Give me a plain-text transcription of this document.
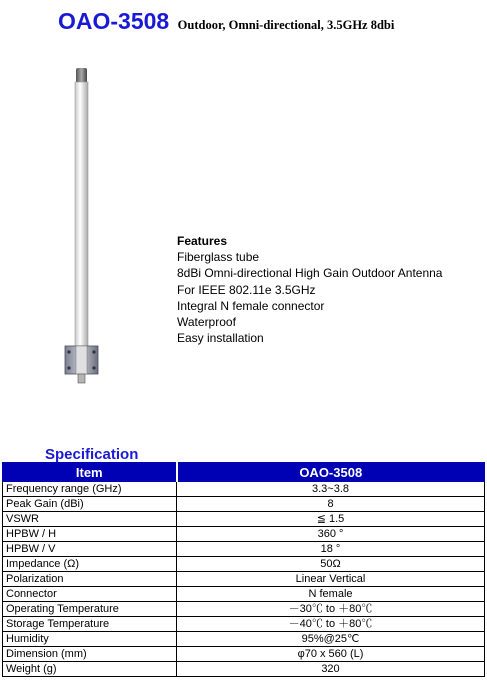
OAO-3508 Outdoor, Omni-directional, 3.5GHz 8dbi
Features
Fiberglass tube
8dBi Omni-directional High Gain Outdoor Antenna
For IEEE 802.11e 3.5GHz
Integral N female connector
Waterproof
Easy installation
Specification
Item	OAO-3508
Frequency range (GHz)	3.3~3.8
Peak Gain (dBi)	8
VSWR	≦ 1.5
HPBW / H	360 °
HPBW / V	18 °
Impedance (Ω)	50Ω
Polarization	Linear Vertical
Connector	N female
Operating Temperature	－30℃ to ＋80℃
Storage Temperature	－40℃ to ＋80℃
Humidity	95%@25℃
Dimension (mm)	φ70 x 560 (L)
Weight (g)	320
